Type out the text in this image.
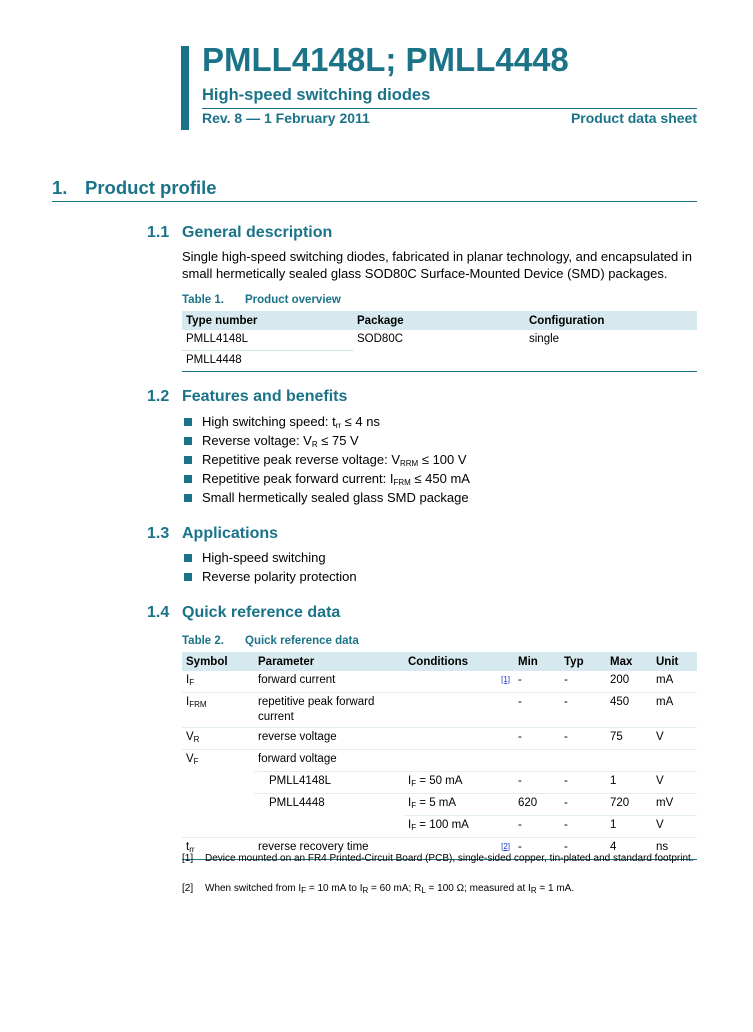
PMLL4148L; PMLL4448
High-speed switching diodes
Rev. 8 — 1 February 2011	Product data sheet
1. Product profile
1.1 General description
Single high-speed switching diodes, fabricated in planar technology, and encapsulated in small hermetically sealed glass SOD80C Surface-Mounted Device (SMD) packages.
Table 1. Product overview
Type number	Package	Configuration
PMLL4148L	SOD80C	single
PMLL4448		
1.2 Features and benefits
High switching speed: $t_{rr} \le 4$ ns
Reverse voltage: $V_R \le 75$ V
Repetitive peak reverse voltage: $V_{RRM} \le 100$ V
Repetitive peak forward current: $I_{FRM} \le 450$ mA
Small hermetically sealed glass SMD package
1.3 Applications
High-speed switching
Reverse polarity protection
1.4 Quick reference data
Table 2. Quick reference data
Symbol	Parameter	Conditions	Min	Typ	Max	Unit
$I_F$	forward current	[1]	-	-	200	mA
$I_{FRM}$	repetitive peak forward current		-	-	450	mA
$V_R$	reverse voltage		-	-	75	V
$V_F$	forward voltage					
	PMLL4148L	$I_F = 50$ mA	-	-	1	V
	PMLL4448	$I_F = 5$ mA	620	-	720	mV
		$I_F = 100$ mA	-	-	1	V
$t_{rr}$	reverse recovery time	[2]	-	-	4	ns
[1] Device mounted on an FR4 Printed-Circuit Board (PCB), single-sided copper, tin-plated and standard footprint.
[2] When switched from $I_F = 10$ mA to $I_R = 60$ mA; $R_L = 100$ Ω; measured at $I_R = 1$ mA.
